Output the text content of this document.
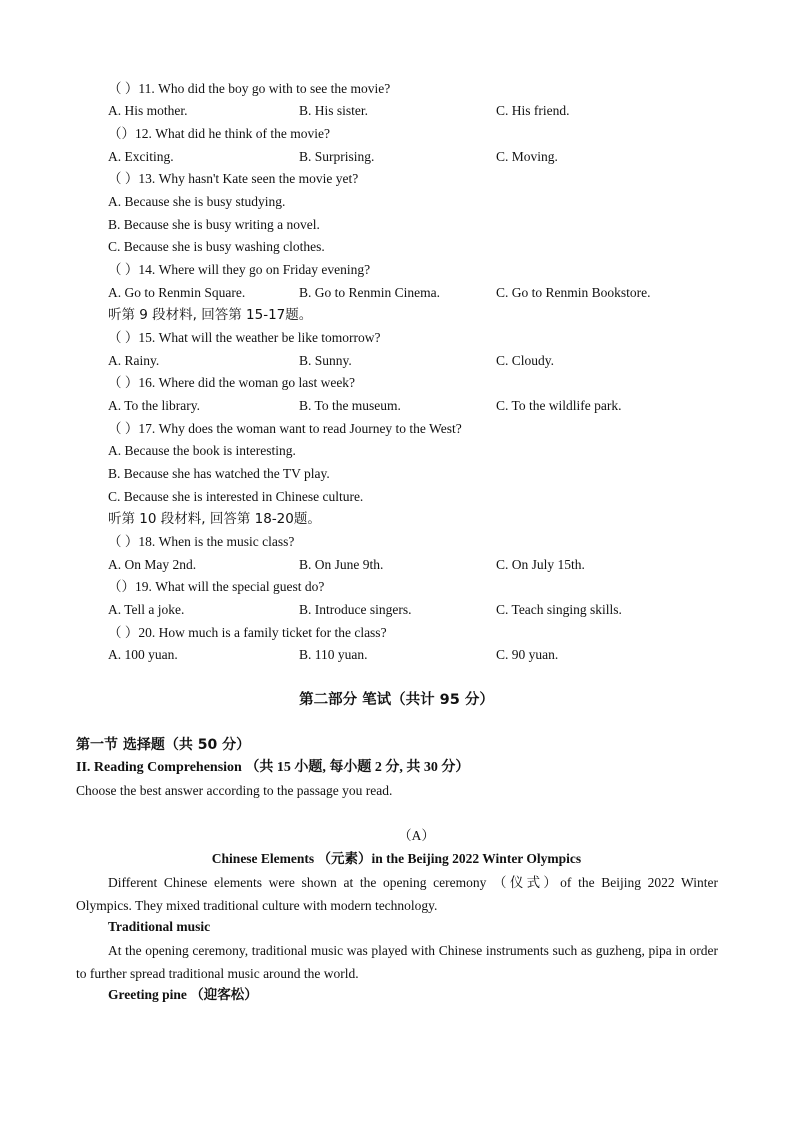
（ ）11. Who did the boy go with to see the movie?
A. His mother.	B. His sister.	C. His friend.
（）12. What did he think of the movie?
A. Exciting.	B. Surprising.	C. Moving.
（ ）13. Why hasn't Kate seen the movie yet?
A. Because she is busy studying.
B. Because she is busy writing a novel.
C. Because she is busy washing clothes.
（ ）14. Where will they go on Friday evening?
A. Go to Renmin Square.	B. Go to Renmin Cinema.	C. Go to Renmin Bookstore.
听第 9 段材料, 回答第 15-17题。
（ ）15. What will the weather be like tomorrow?
A. Rainy.	B. Sunny.	C. Cloudy.
（ ）16. Where did the woman go last week?
A. To the library.	B. To the museum.	C. To the wildlife park.
（ ）17. Why does the woman want to read Journey to the West?
A. Because the book is interesting.
B. Because she has watched the TV play.
C. Because she is interested in Chinese culture.
听第 10 段材料, 回答第 18-20题。
（ ）18. When is the music class?
A. On May 2nd.	B. On June 9th.	C. On July 15th.
（）19. What will the special guest do?
A. Tell a joke.	B. Introduce singers.	C. Teach singing skills.
（ ）20. How much is a family ticket for the class?
A. 100 yuan.	B. 110 yuan.	C. 90 yuan.
第二部分 笔试（共计 95 分）
第一节 选择题（共 50 分）
II. Reading Comprehension （共 15 小题, 每小题 2 分, 共 30 分）
Choose the best answer according to the passage you read.
（A）
Chinese Elements （元素）in the Beijing 2022 Winter Olympics
Different Chinese elements were shown at the opening ceremony （仪式）of the Beijing 2022 Winter Olympics. They mixed traditional culture with modern technology.
Traditional music
At the opening ceremony, traditional music was played with Chinese instruments such as guzheng, pipa in order to further spread traditional music around the world.
Greeting pine （迎客松）
